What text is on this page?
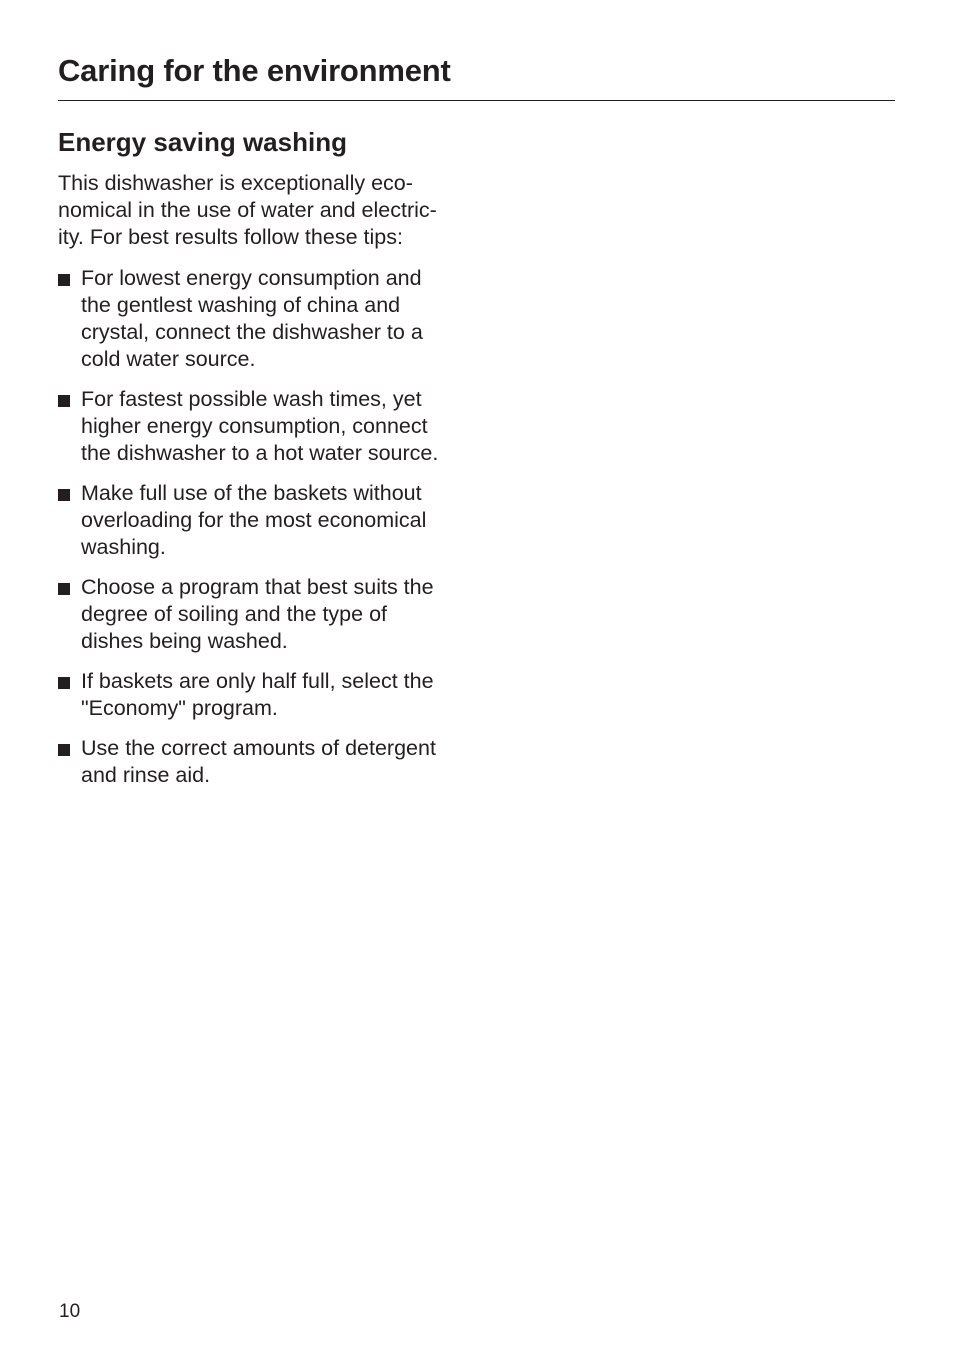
Caring for the environment
Energy saving washing

This dishwasher is exceptionally eco-
nomical in the use of water and electric-
ity. For best results follow these tips:

For lowest energy consumption and
the gentlest washing of china and
crystal, connect the dishwasher to a
cold water source.
For fastest possible wash times, yet
higher energy consumption, connect
the dishwasher to a hot water source.
Make full use of the baskets without
overloading for the most economical
washing.
Choose a program that best suits the
degree of soiling and the type of
dishes being washed.
If baskets are only half full, select the
"Economy" program.
Use the correct amounts of detergent
and rinse aid.
10
